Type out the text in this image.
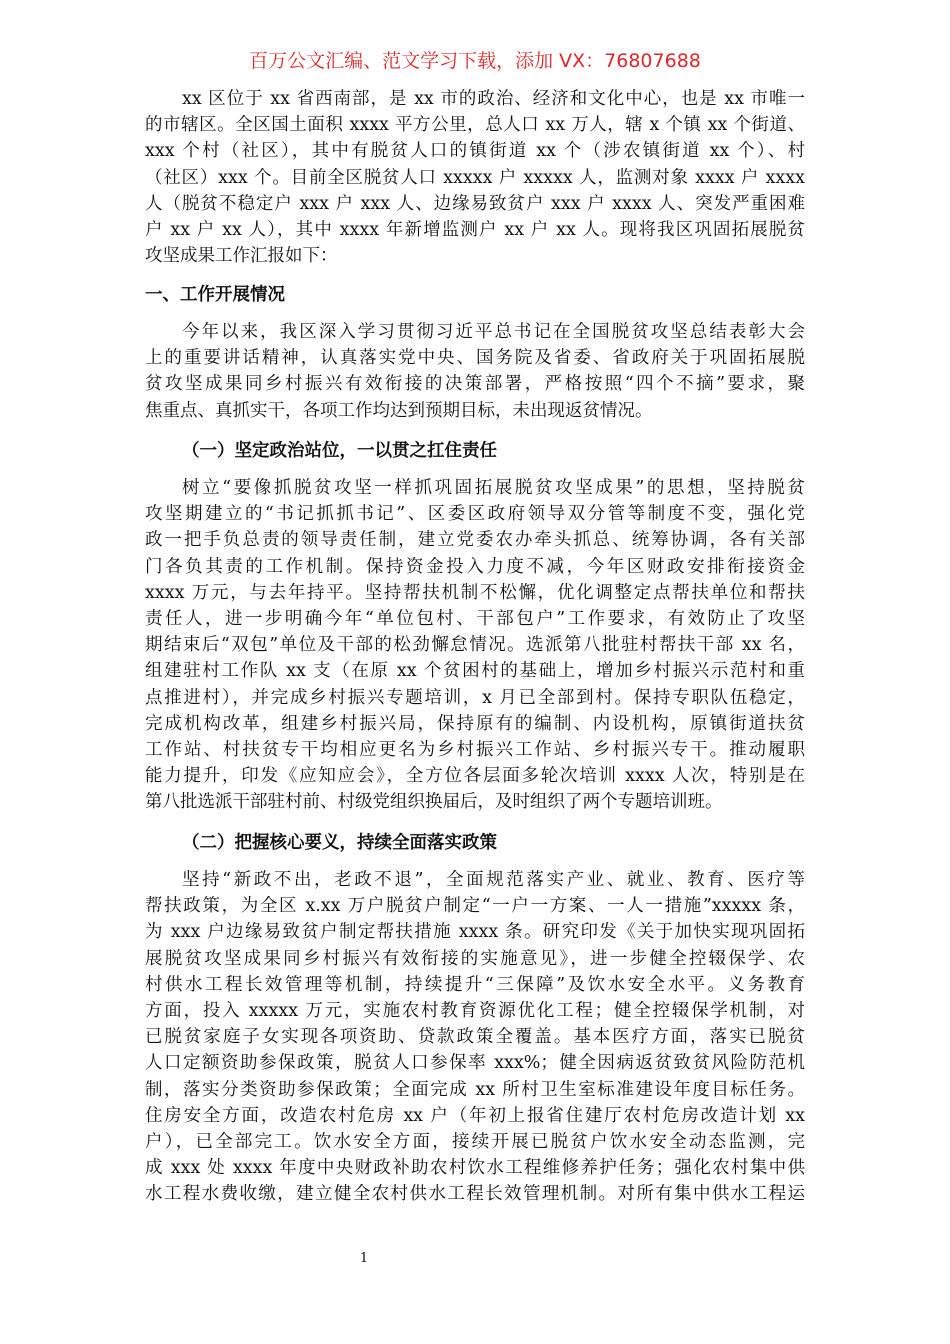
百万公文汇编、范文学习下载，添加 VX：76807688
xx 区位于 xx 省西南部，是 xx 市的政治、经济和文化中心，也是 xx 市唯一
的市辖区。全区国土面积 xxxx 平方公里，总人口 xx 万人，辖 x 个镇 xx 个街道、
xxx 个村（社区），其中有脱贫人口的镇街道 xx 个（涉农镇街道 xx 个）、村
（社区）xxx 个。目前全区脱贫人口 xxxxx 户 xxxxx 人，监测对象 xxxx 户 xxxx
人（脱贫不稳定户 xxx 户 xxx 人、边缘易致贫户 xxx 户 xxxx 人、突发严重困难
户 xx 户 xx 人），其中 xxxx 年新增监测户 xx 户 xx 人。现将我区巩固拓展脱贫
攻坚成果工作汇报如下：
一、工作开展情况
今年以来，我区深入学习贯彻习近平总书记在全国脱贫攻坚总结表彰大会
上的重要讲话精神，认真落实党中央、国务院及省委、省政府关于巩固拓展脱
贫攻坚成果同乡村振兴有效衔接的决策部署，严格按照“四个不摘”要求，聚
焦重点、真抓实干，各项工作均达到预期目标，未出现返贫情况。
（一）坚定政治站位，一以贯之扛住责任
树立“要像抓脱贫攻坚一样抓巩固拓展脱贫攻坚成果”的思想，坚持脱贫
攻坚期建立的“书记抓抓书记”、区委区政府领导双分管等制度不变，强化党
政一把手负总责的领导责任制，建立党委农办牵头抓总、统筹协调，各有关部
门各负其责的工作机制。保持资金投入力度不减，今年区财政安排衔接资金
xxxx 万元，与去年持平。坚持帮扶机制不松懈，优化调整定点帮扶单位和帮扶
责任人，进一步明确今年“单位包村、干部包户”工作要求，有效防止了攻坚
期结束后“双包”单位及干部的松劲懈怠情况。选派第八批驻村帮扶干部 xx 名，
组建驻村工作队 xx 支（在原 xx 个贫困村的基础上，增加乡村振兴示范村和重
点推进村），并完成乡村振兴专题培训，x 月已全部到村。保持专职队伍稳定，
完成机构改革，组建乡村振兴局，保持原有的编制、内设机构，原镇街道扶贫
工作站、村扶贫专干均相应更名为乡村振兴工作站、乡村振兴专干。推动履职
能力提升，印发《应知应会》，全方位各层面多轮次培训 xxxx 人次，特别是在
第八批选派干部驻村前、村级党组织换届后，及时组织了两个专题培训班。
（二）把握核心要义，持续全面落实政策
坚持“新政不出，老政不退”，全面规范落实产业、就业、教育、医疗等
帮扶政策，为全区 x.xx 万户脱贫户制定“一户一方案、一人一措施”xxxxx 条，
为 xxx 户边缘易致贫户制定帮扶措施 xxxx 条。研究印发《关于加快实现巩固拓
展脱贫攻坚成果同乡村振兴有效衔接的实施意见》，进一步健全控辍保学、农
村供水工程长效管理等机制，持续提升“三保障”及饮水安全水平。义务教育
方面，投入 xxxxx 万元，实施农村教育资源优化工程；健全控辍保学机制，对
已脱贫家庭子女实现各项资助、贷款政策全覆盖。基本医疗方面，落实已脱贫
人口定额资助参保政策，脱贫人口参保率 xxx%；健全因病返贫致贫风险防范机
制，落实分类资助参保政策；全面完成 xx 所村卫生室标准建设年度目标任务。
住房安全方面，改造农村危房 xx 户（年初上报省住建厅农村危房改造计划 xx
户），已全部完工。饮水安全方面，接续开展已脱贫户饮水安全动态监测，完
成 xxx 处 xxxx 年度中央财政补助农村饮水工程维修养护任务；强化农村集中供
水工程水费收缴，建立健全农村供水工程长效管理机制。对所有集中供水工程运
1
